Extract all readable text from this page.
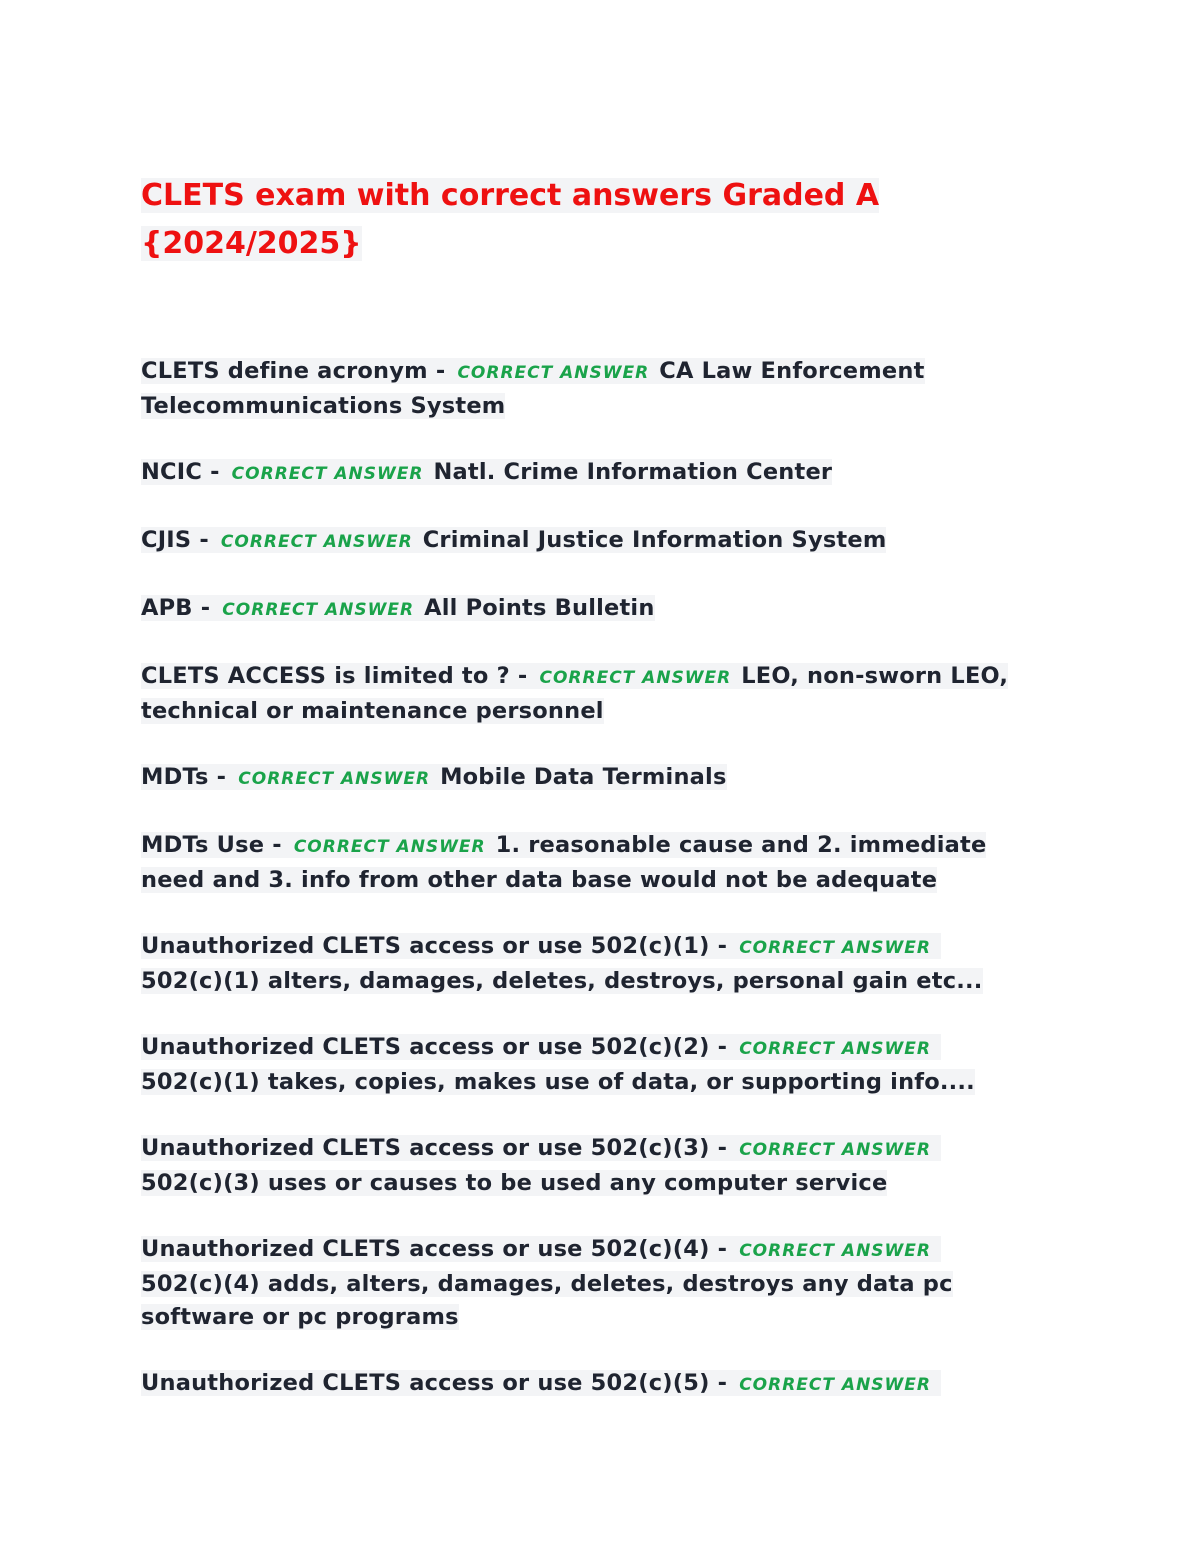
CLETS exam with correct answers Graded A
{2024/2025}

CLETS define acronym - CORRECT ANSWER CA Law Enforcement Telecommunications System

NCIC - CORRECT ANSWER Natl. Crime Information Center

CJIS - CORRECT ANSWER Criminal Justice Information System

APB - CORRECT ANSWER All Points Bulletin

CLETS ACCESS is limited to ? - CORRECT ANSWER LEO, non-sworn LEO, technical or maintenance personnel

MDTs - CORRECT ANSWER Mobile Data Terminals

MDTs Use - CORRECT ANSWER 1. reasonable cause and 2. immediate need and 3. info from other data base would not be adequate

Unauthorized CLETS access or use 502(c)(1) - CORRECT ANSWER
502(c)(1) alters, damages, deletes, destroys, personal gain etc...

Unauthorized CLETS access or use 502(c)(2) - CORRECT ANSWER
502(c)(1) takes, copies, makes use of data, or supporting info....

Unauthorized CLETS access or use 502(c)(3) - CORRECT ANSWER
502(c)(3) uses or causes to be used any computer service

Unauthorized CLETS access or use 502(c)(4) - CORRECT ANSWER
502(c)(4) adds, alters, damages, deletes, destroys any data pc software or pc programs

Unauthorized CLETS access or use 502(c)(5) - CORRECT ANSWER
